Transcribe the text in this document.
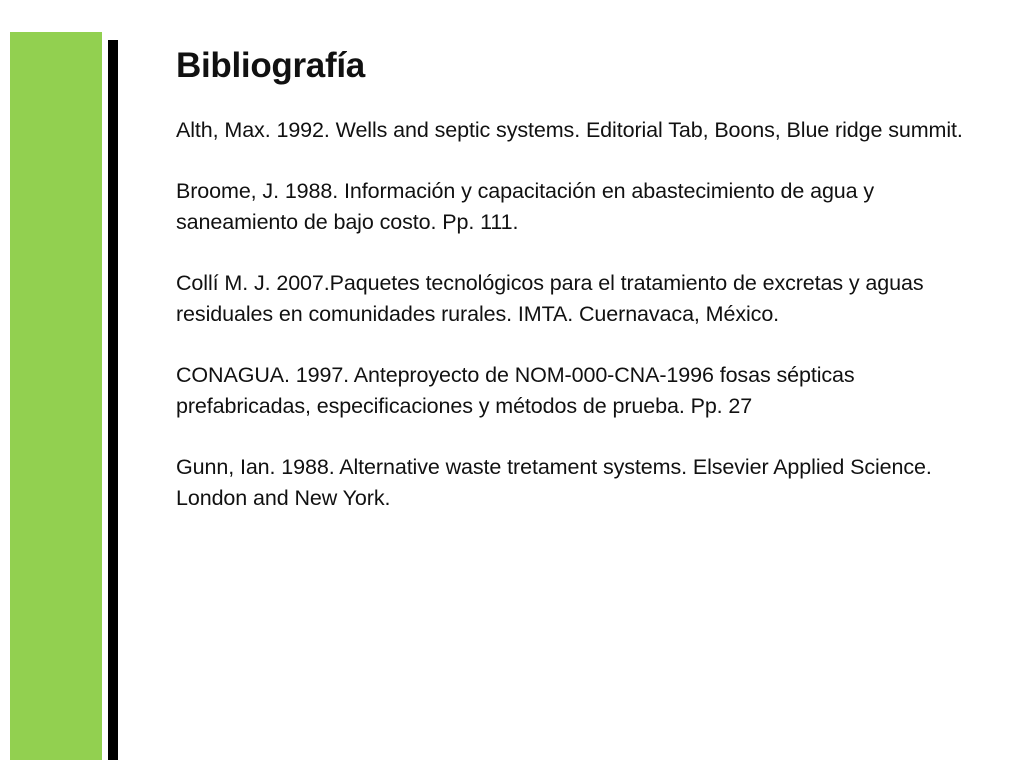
Bibliografía
Alth, Max. 1992. Wells and septic systems. Editorial Tab, Boons, Blue ridge summit.
Broome, J. 1988. Información y capacitación en abastecimiento de agua y saneamiento de bajo costo. Pp. 111.
Collí M. J. 2007.Paquetes tecnológicos para el tratamiento de excretas y aguas residuales en comunidades rurales. IMTA. Cuernavaca, México.
CONAGUA. 1997. Anteproyecto de NOM-000-CNA-1996 fosas sépticas prefabricadas, especificaciones y métodos de prueba. Pp. 27
Gunn, Ian. 1988. Alternative waste tretament systems. Elsevier Applied Science. London and New York.
